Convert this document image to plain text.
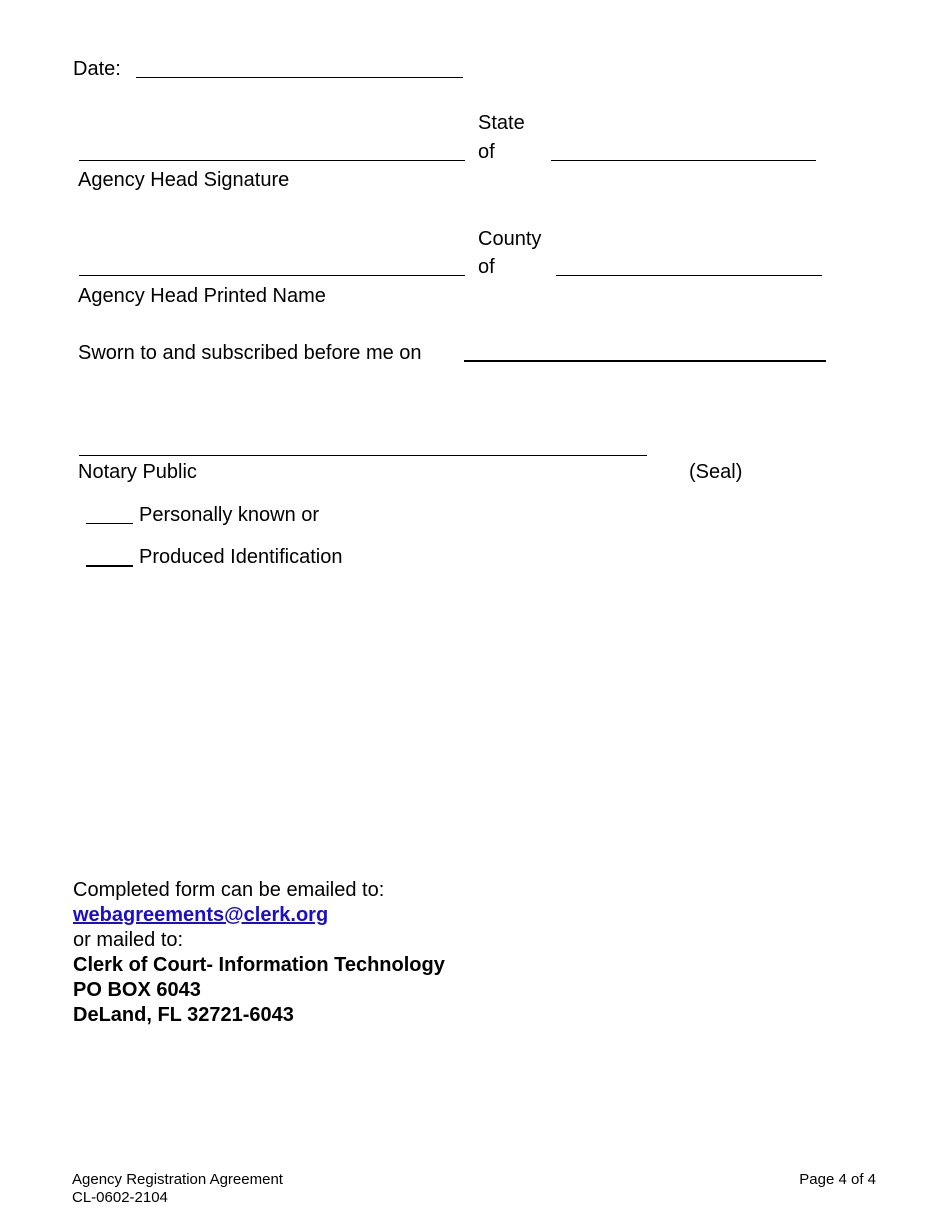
Date:
State
of
Agency Head Signature
County
of
Agency Head Printed Name
Sworn to and subscribed before me on
Notary Public	(Seal)
Personally known or
Produced Identification
Completed form can be emailed to:
webagreements@clerk.org
or mailed to:
Clerk of Court- Information Technology
PO BOX 6043
DeLand, FL 32721-6043
Agency Registration Agreement
CL-0602-2104
Page 4 of 4
